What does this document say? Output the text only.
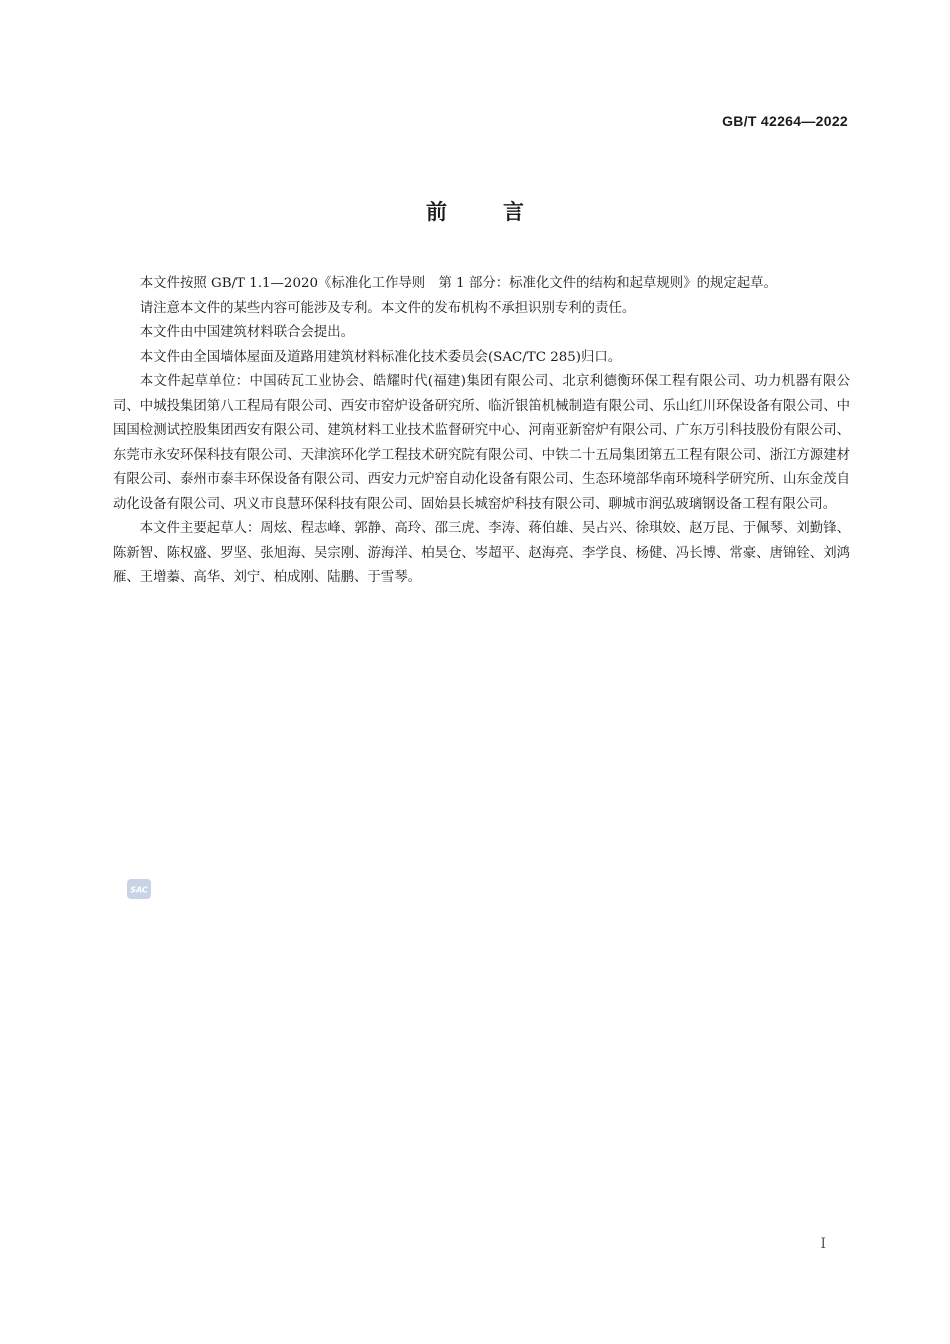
GB/T 42264—2022
前言

本文件按照 GB/T 1.1—2020《标准化工作导则　第 1 部分：标准化文件的结构和起草规则》的规定起草。

请注意本文件的某些内容可能涉及专利。本文件的发布机构不承担识别专利的责任。

本文件由中国建筑材料联合会提出。

本文件由全国墙体屋面及道路用建筑材料标准化技术委员会(SAC/TC 285)归口。

本文件起草单位：中国砖瓦工业协会、皓耀时代(福建)集团有限公司、北京利德衡环保工程有限公司、功力机器有限公司、中城投集团第八工程局有限公司、西安市窑炉设备研究所、临沂银笛机械制造有限公司、乐山红川环保设备有限公司、中国国检测试控股集团西安有限公司、建筑材料工业技术监督研究中心、河南亚新窑炉有限公司、广东万引科技股份有限公司、东莞市永安环保科技有限公司、天津滨环化学工程技术研究院有限公司、中铁二十五局集团第五工程有限公司、浙江方源建材有限公司、泰州市泰丰环保设备有限公司、西安力元炉窑自动化设备有限公司、生态环境部华南环境科学研究所、山东金茂自动化设备有限公司、巩义市良慧环保科技有限公司、固始县长城窑炉科技有限公司、聊城市润弘玻璃钢设备工程有限公司。

本文件主要起草人：周炫、程志峰、郭静、高玲、邵三虎、李涛、蒋伯雄、吴占兴、徐琪姣、赵万昆、于佩琴、刘勤锋、陈新智、陈权盛、罗坚、张旭海、吴宗刚、游海洋、柏昊仓、岑超平、赵海亮、李学良、杨健、冯长博、常豪、唐锦铨、刘鸿雁、王增蓁、高华、刘宁、柏成刚、陆鹏、于雪琴。

SAC
I
